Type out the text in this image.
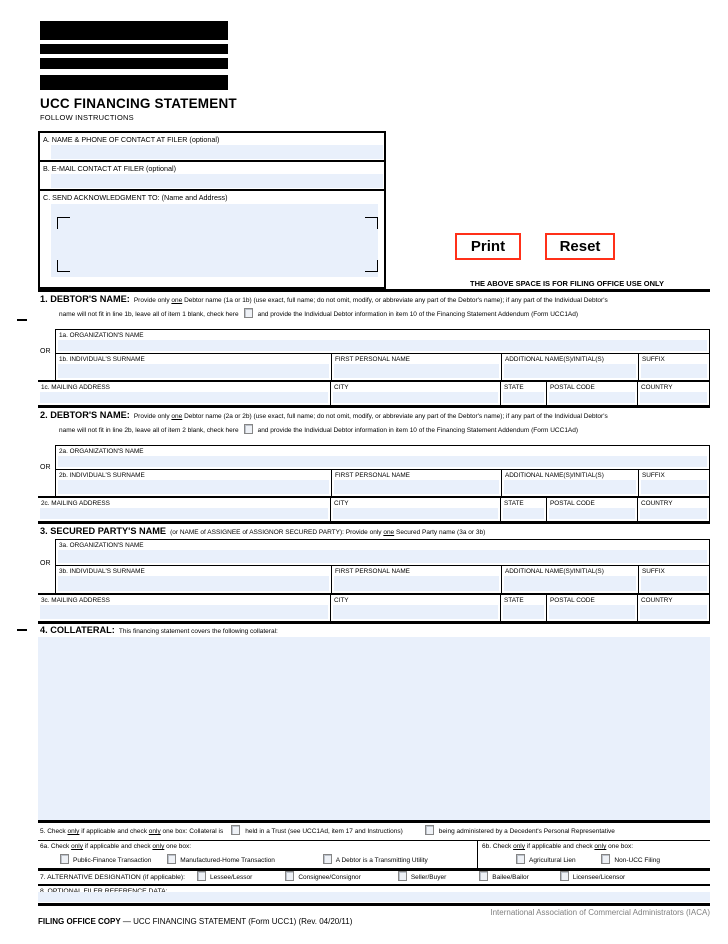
UCC FINANCING STATEMENT
FOLLOW INSTRUCTIONS
A. NAME & PHONE OF CONTACT AT FILER (optional)
B. E-MAIL CONTACT AT FILER (optional)
C. SEND ACKNOWLEDGMENT TO: (Name and Address)
Print	Reset
THE ABOVE SPACE IS FOR FILING OFFICE USE ONLY
1. DEBTOR'S NAME: Provide only one Debtor name (1a or 1b) (use exact, full name; do not omit, modify, or abbreviate any part of the Debtor's name); if any part of the Individual Debtor's
name will not fit in line 1b, leave all of item 1 blank, check here	and provide the Individual Debtor information in item 10 of the Financing Statement Addendum (Form UCC1Ad)
OR
1a. ORGANIZATION'S NAME
1b. INDIVIDUAL'S SURNAME	FIRST PERSONAL NAME	ADDITIONAL NAME(S)/INITIAL(S)	SUFFIX
1c. MAILING ADDRESS	CITY	STATE	POSTAL CODE	COUNTRY
2. DEBTOR'S NAME: Provide only one Debtor name (2a or 2b) (use exact, full name; do not omit, modify, or abbreviate any part of the Debtor's name); if any part of the Individual Debtor's
name will not fit in line 2b, leave all of item 2 blank, check here	and provide the Individual Debtor information in item 10 of the Financing Statement Addendum (Form UCC1Ad)
OR
2a. ORGANIZATION'S NAME
2b. INDIVIDUAL'S SURNAME	FIRST PERSONAL NAME	ADDITIONAL NAME(S)/INITIAL(S)	SUFFIX
2c. MAILING ADDRESS	CITY	STATE	POSTAL CODE	COUNTRY
3. SECURED PARTY'S NAME (or NAME of ASSIGNEE of ASSIGNOR SECURED PARTY): Provide only one Secured Party name (3a or 3b)
OR
3a. ORGANIZATION'S NAME
3b. INDIVIDUAL'S SURNAME	FIRST PERSONAL NAME	ADDITIONAL NAME(S)/INITIAL(S)	SUFFIX
3c. MAILING ADDRESS	CITY	STATE	POSTAL CODE	COUNTRY
4. COLLATERAL: This financing statement covers the following collateral:
5. Check only if applicable and check only one box: Collateral is	held in a Trust (see UCC1Ad, item 17 and Instructions)	being administered by a Decedent's Personal Representative
6a. Check only if applicable and check only one box:
Public-Finance Transaction	Manufactured-Home Transaction	A Debtor is a Transmitting Utility
6b. Check only if applicable and check only one box:
Agricultural Lien	Non-UCC Filing
7. ALTERNATIVE DESIGNATION (if applicable):	Lessee/Lessor	Consignee/Consignor	Seller/Buyer	Bailee/Bailor	Licensee/Licensor
FILING OFFICE COPY — UCC FINANCING STATEMENT (Form UCC1) (Rev. 04/20/11)
International Association of Commercial Administrators (IACA)
